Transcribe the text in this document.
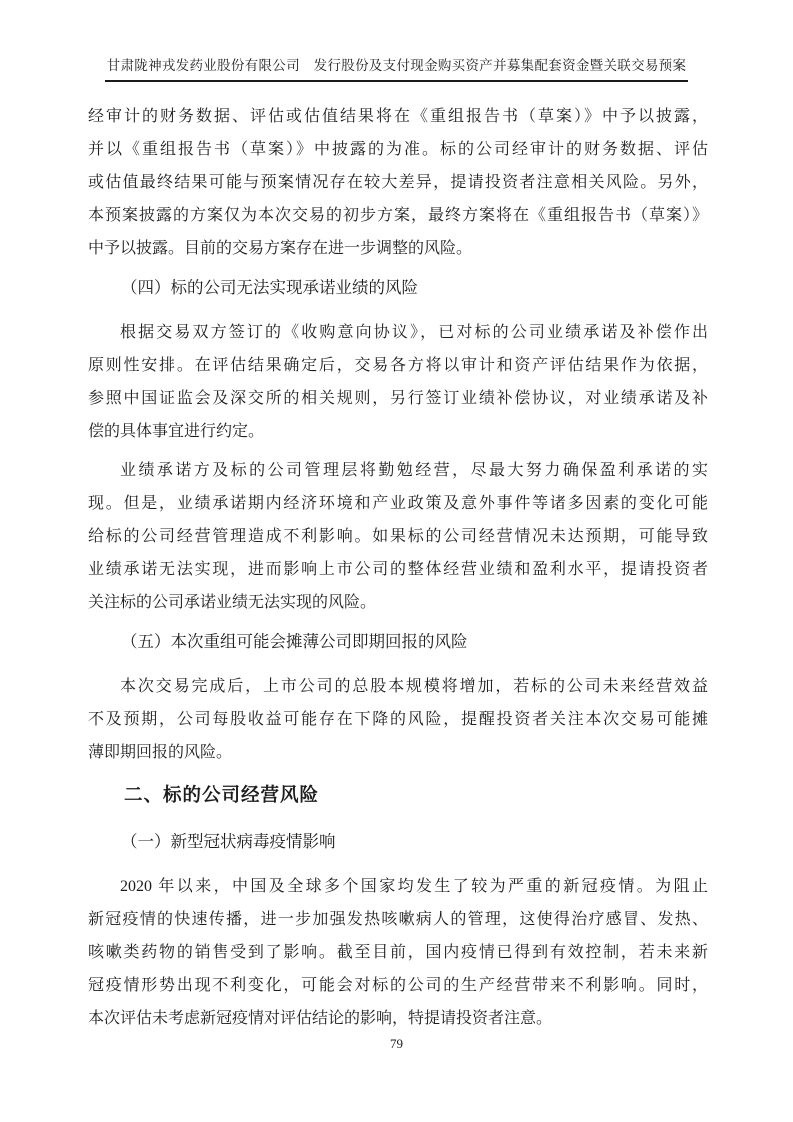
甘肃陇神戎发药业股份有限公司　发行股份及支付现金购买资产并募集配套资金暨关联交易预案
经审计的财务数据、评估或估值结果将在《重组报告书（草案）》中予以披露，
并以《重组报告书（草案）》中披露的为准。标的公司经审计的财务数据、评估
或估值最终结果可能与预案情况存在较大差异，提请投资者注意相关风险。另外，
本预案披露的方案仅为本次交易的初步方案，最终方案将在《重组报告书（草案）》
中予以披露。目前的交易方案存在进一步调整的风险。
（四）标的公司无法实现承诺业绩的风险
根据交易双方签订的《收购意向协议》，已对标的公司业绩承诺及补偿作出
原则性安排。在评估结果确定后，交易各方将以审计和资产评估结果作为依据，
参照中国证监会及深交所的相关规则，另行签订业绩补偿协议，对业绩承诺及补
偿的具体事宜进行约定。
业绩承诺方及标的公司管理层将勤勉经营，尽最大努力确保盈利承诺的实
现。但是，业绩承诺期内经济环境和产业政策及意外事件等诸多因素的变化可能
给标的公司经营管理造成不利影响。如果标的公司经营情况未达预期，可能导致
业绩承诺无法实现，进而影响上市公司的整体经营业绩和盈利水平，提请投资者
关注标的公司承诺业绩无法实现的风险。
（五）本次重组可能会摊薄公司即期回报的风险
本次交易完成后，上市公司的总股本规模将增加，若标的公司未来经营效益
不及预期，公司每股收益可能存在下降的风险，提醒投资者关注本次交易可能摊
薄即期回报的风险。
二、标的公司经营风险
（一）新型冠状病毒疫情影响
2020 年以来，中国及全球多个国家均发生了较为严重的新冠疫情。为阻止
新冠疫情的快速传播，进一步加强发热咳嗽病人的管理，这使得治疗感冒、发热、
咳嗽类药物的销售受到了影响。截至目前，国内疫情已得到有效控制，若未来新
冠疫情形势出现不利变化，可能会对标的公司的生产经营带来不利影响。同时，
本次评估未考虑新冠疫情对评估结论的影响，特提请投资者注意。
79
